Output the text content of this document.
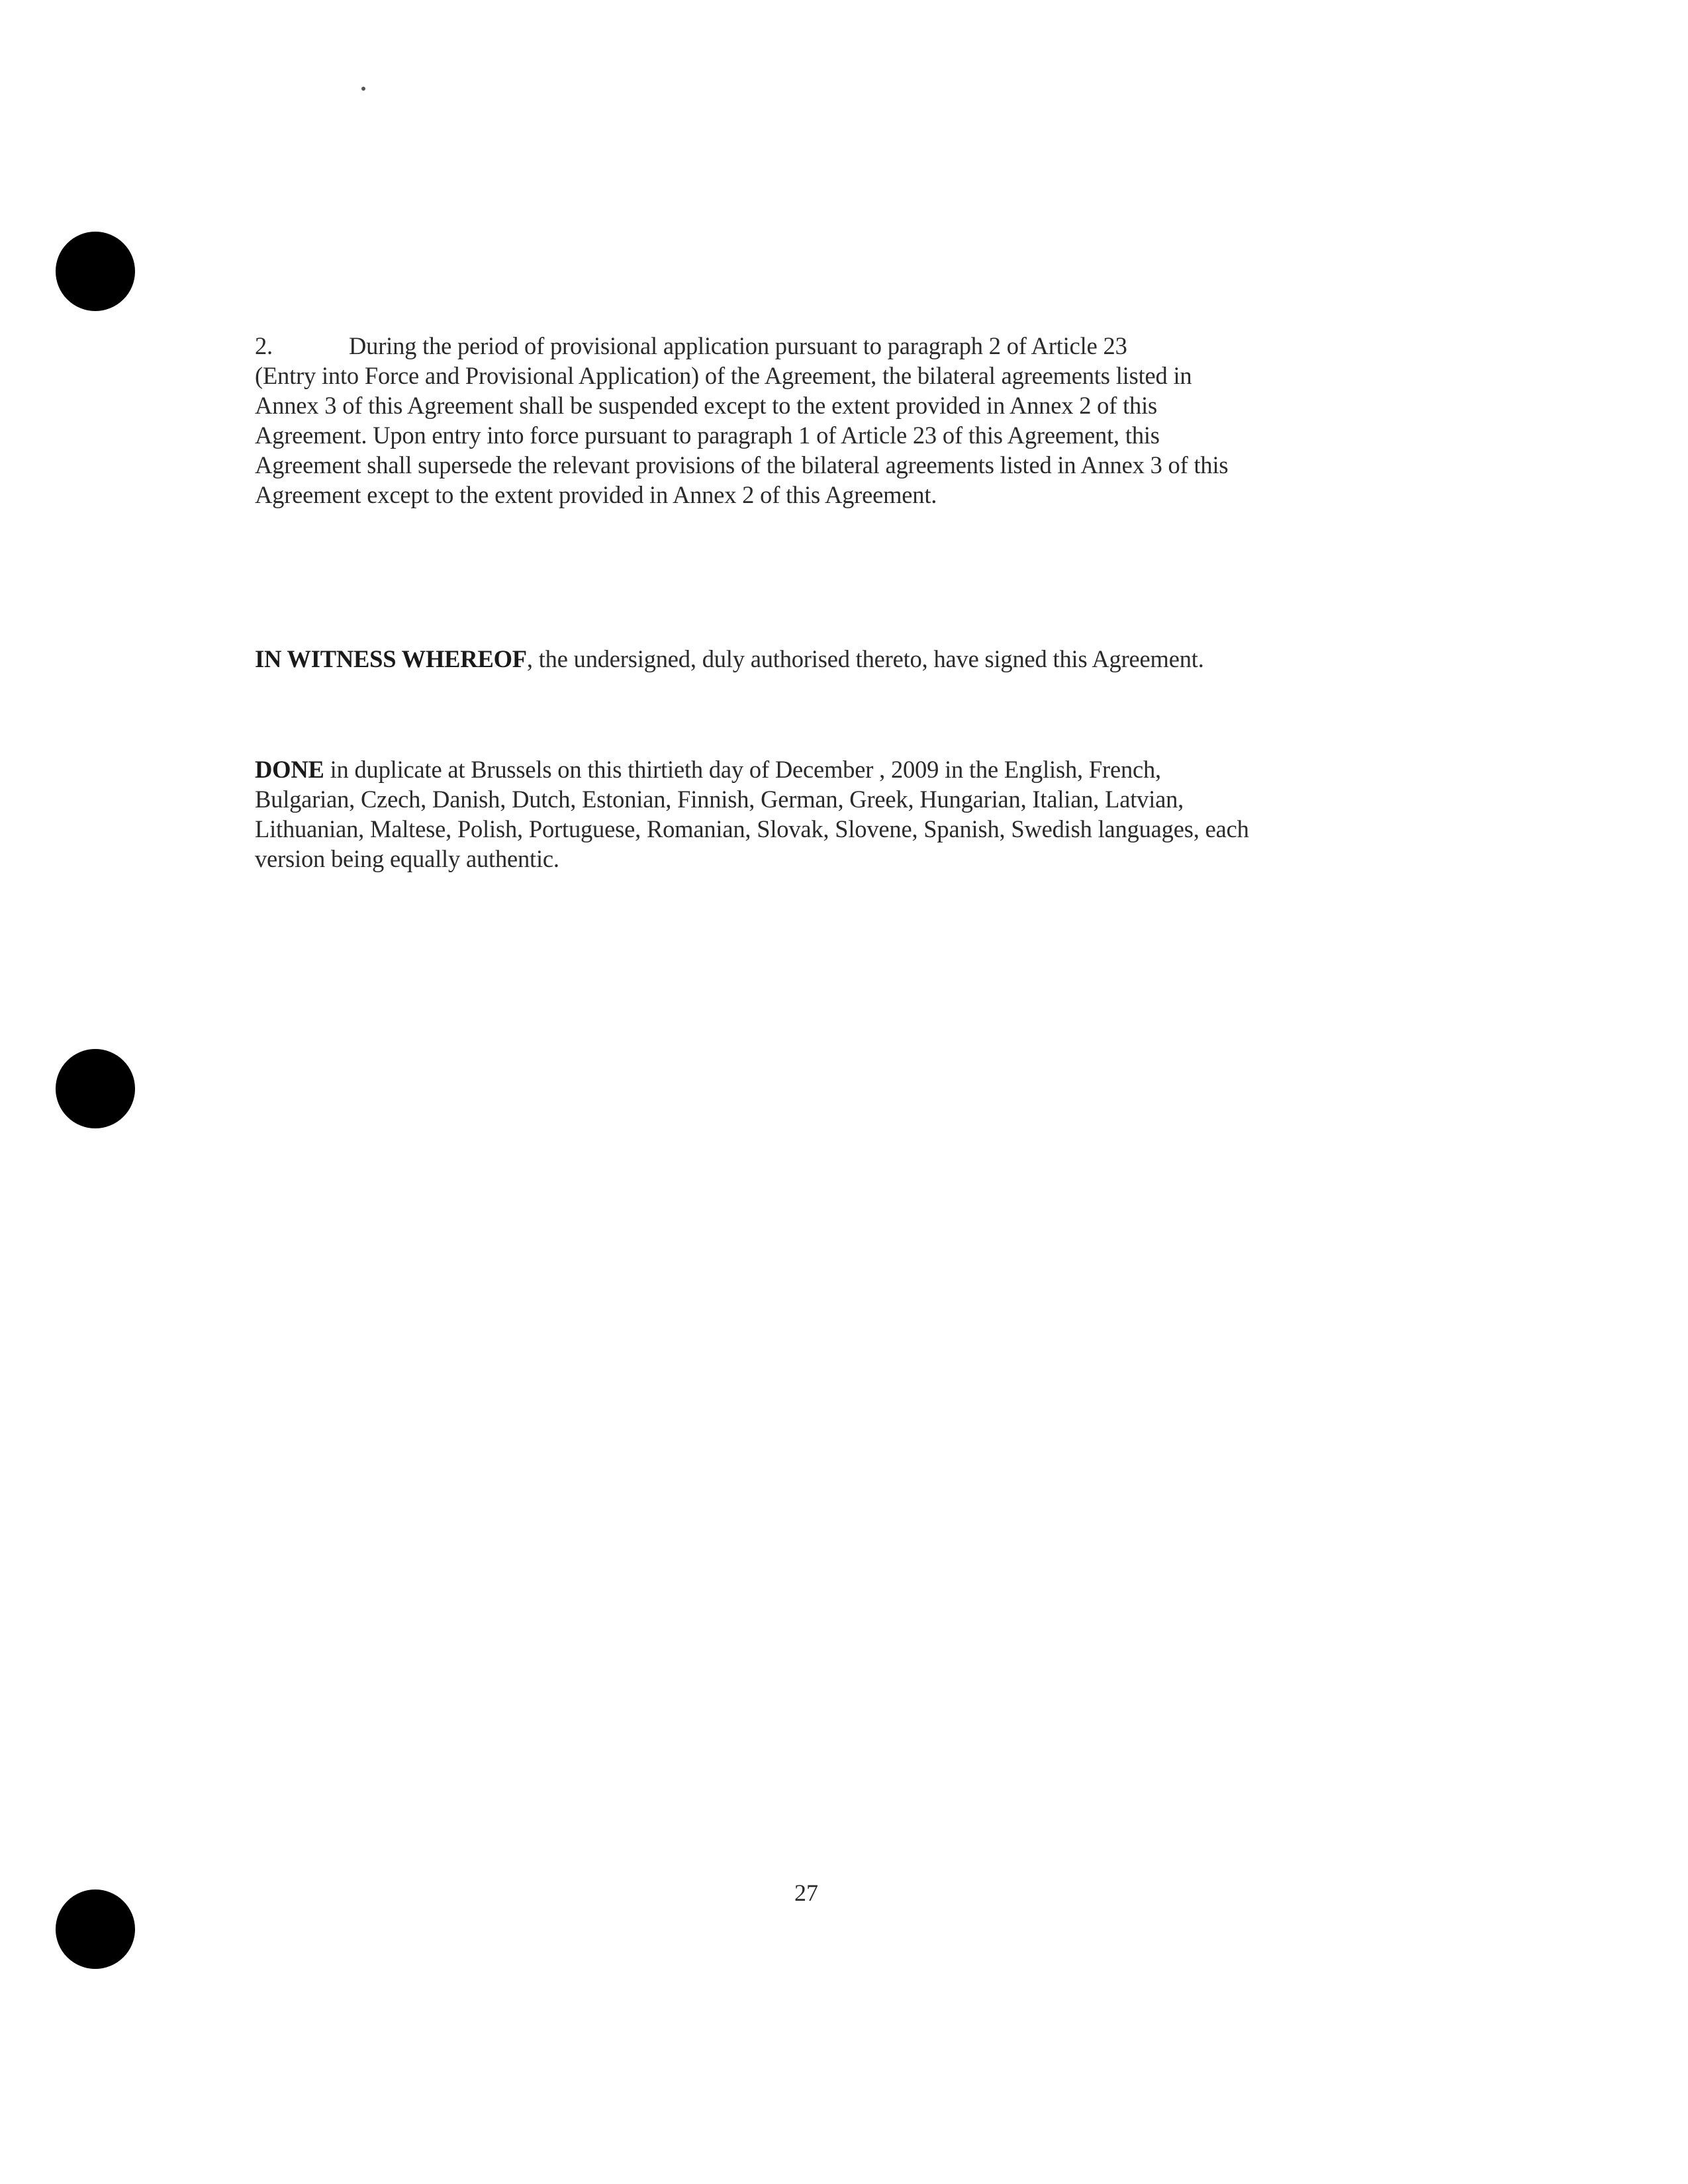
2.	During the period of provisional application pursuant to paragraph 2 of Article 23
(Entry into Force and Provisional Application) of the Agreement, the bilateral agreements listed in
Annex 3 of this Agreement shall be suspended except to the extent provided in Annex 2 of this
Agreement. Upon entry into force pursuant to paragraph 1 of Article 23 of this Agreement, this
Agreement shall supersede the relevant provisions of the bilateral agreements listed in Annex 3 of this
Agreement except to the extent provided in Annex 2 of this Agreement.
IN WITNESS WHEREOF, the undersigned, duly authorised thereto, have signed this Agreement.
DONE in duplicate at Brussels on this thirtieth day of December , 2009 in the English, French,
Bulgarian, Czech, Danish, Dutch, Estonian, Finnish, German, Greek, Hungarian, Italian, Latvian,
Lithuanian, Maltese, Polish, Portuguese, Romanian, Slovak, Slovene, Spanish, Swedish languages, each
version being equally authentic.
27
